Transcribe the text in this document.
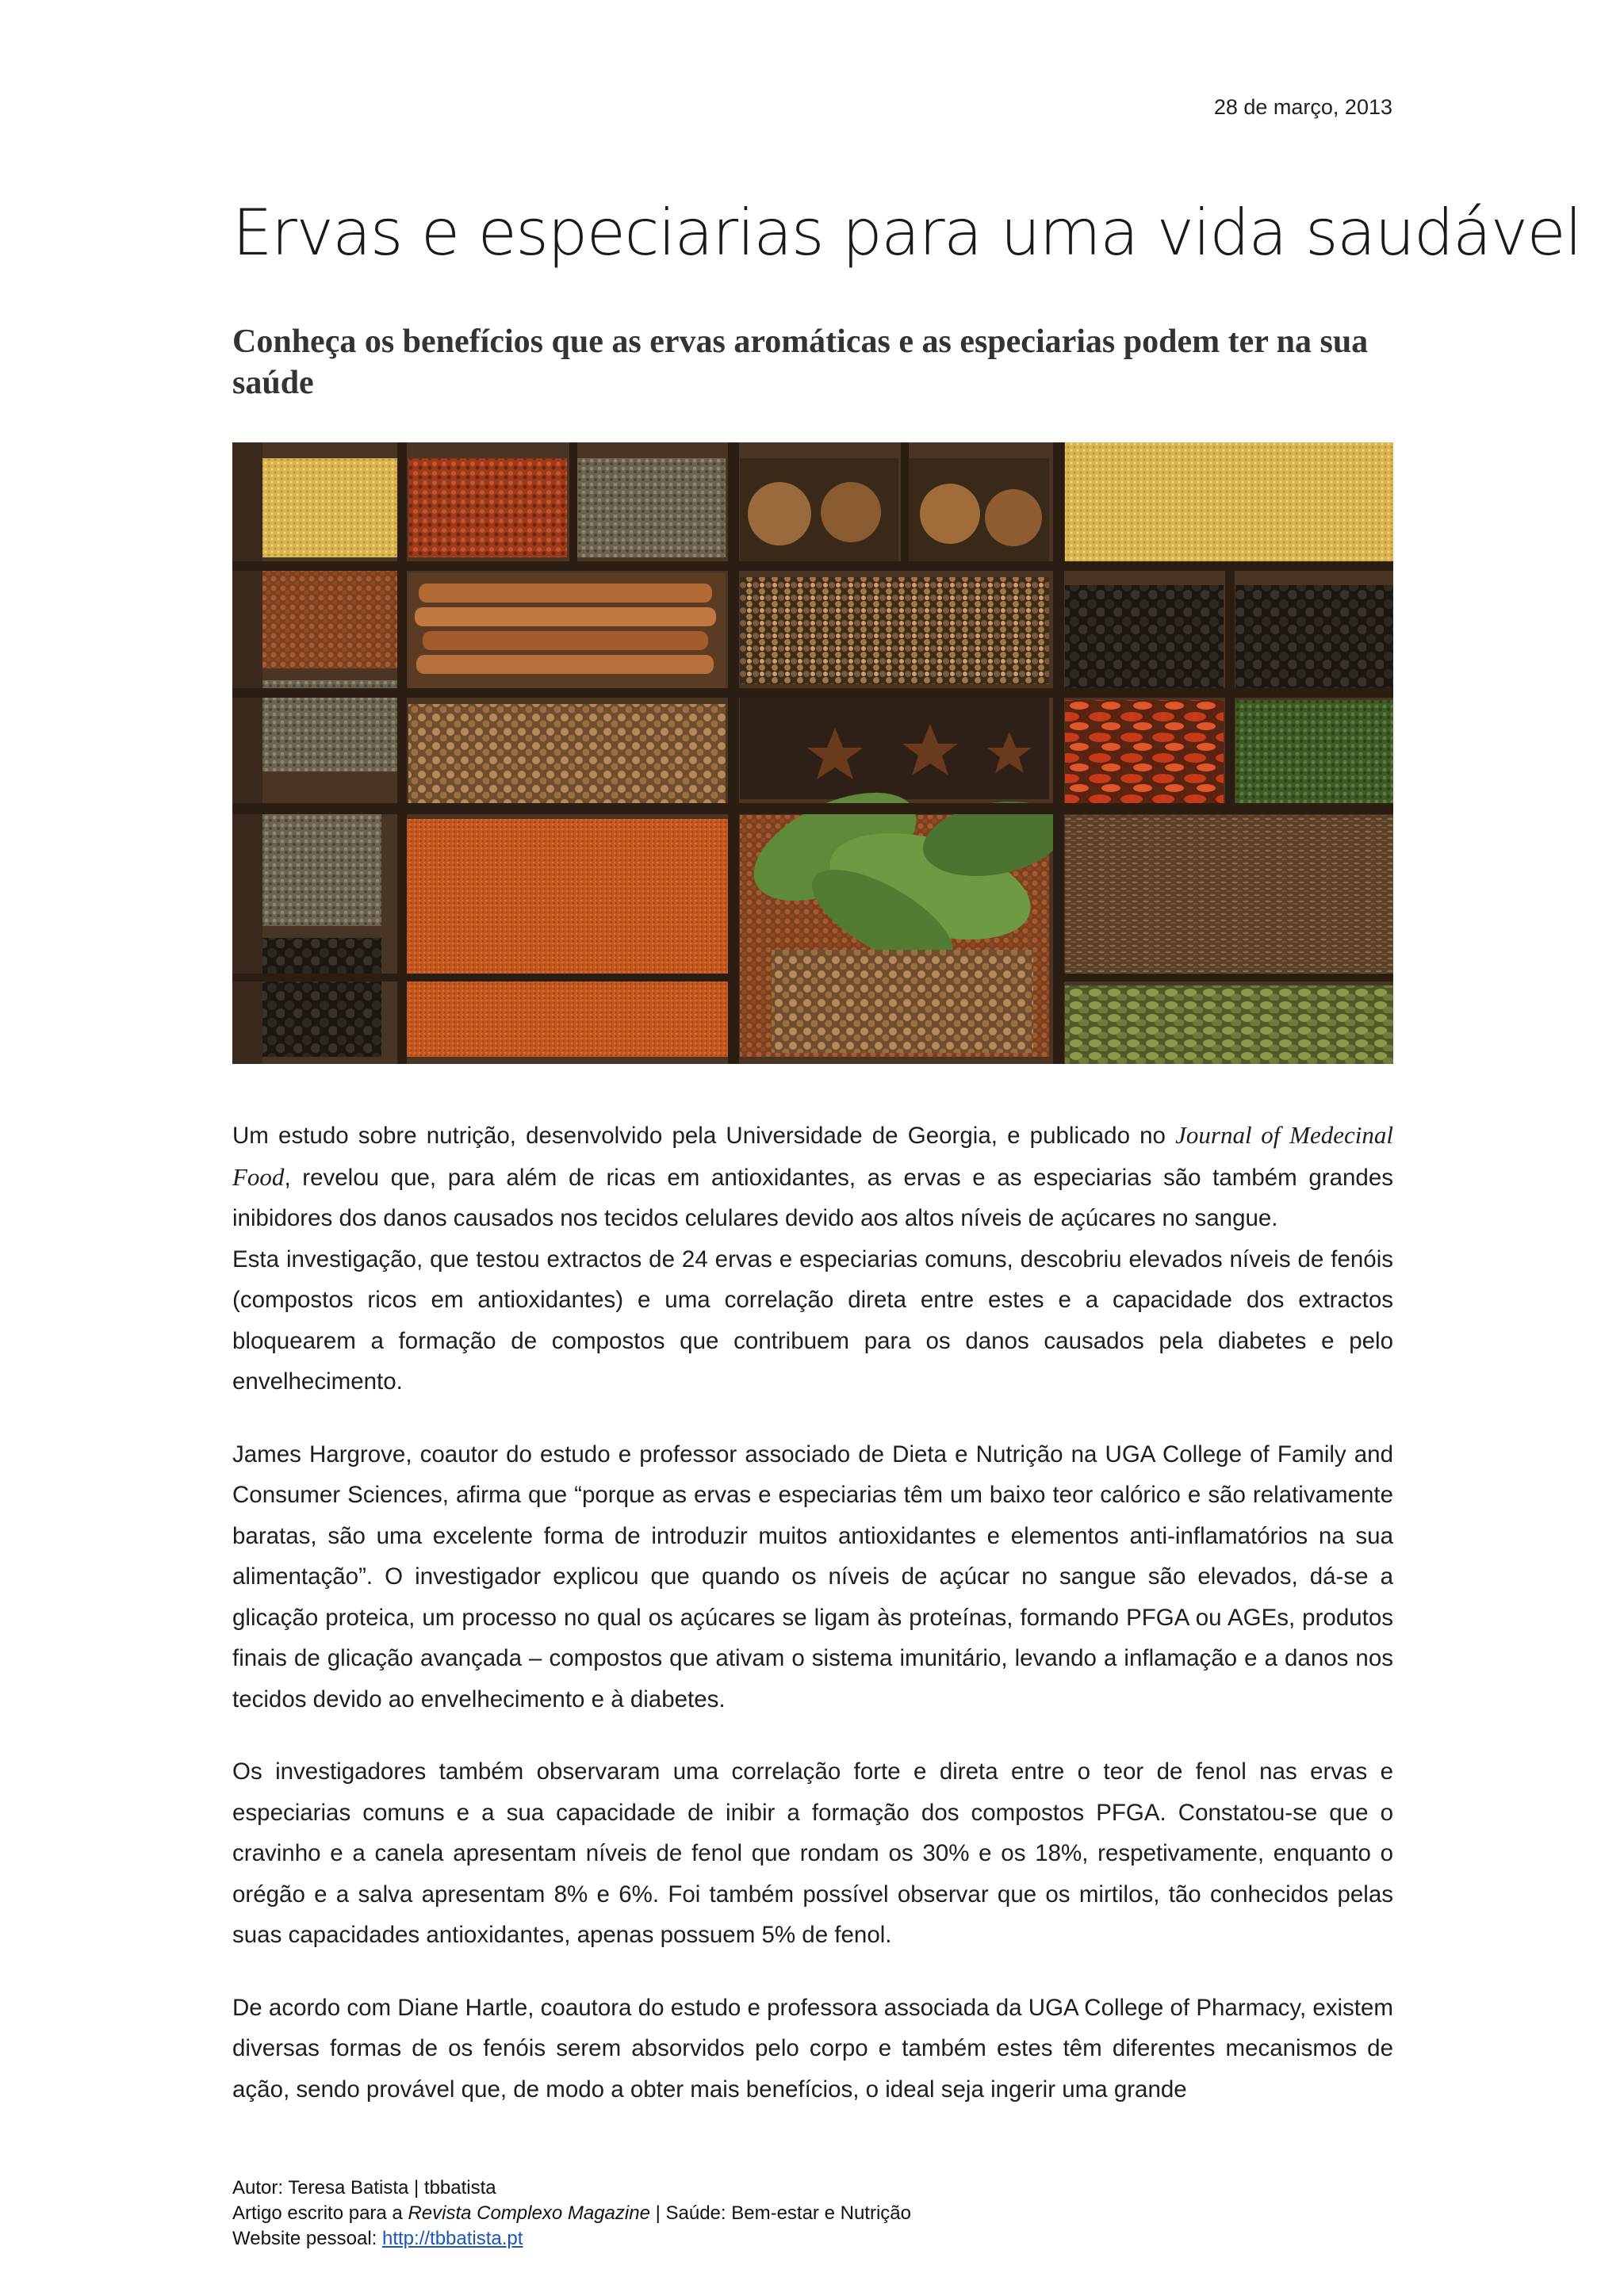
28 de março, 2013
Ervas e especiarias para uma vida saudável
Conheça os benefícios que as ervas aromáticas e as especiarias podem ter na sua saúde

Um estudo sobre nutrição, desenvolvido pela Universidade de Georgia, e publicado no Journal of Medecinal Food, revelou que, para além de ricas em antioxidantes, as ervas e as especiarias são também grandes inibidores dos danos causados nos tecidos celulares devido aos altos níveis de açúcares no sangue.

Esta investigação, que testou extractos de 24 ervas e especiarias comuns, descobriu elevados níveis de fenóis (compostos ricos em antioxidantes) e uma correlação direta entre estes e a capacidade dos extractos bloquearem a formação de compostos que contribuem para os danos causados pela diabetes e pelo envelhecimento.

James Hargrove, coautor do estudo e professor associado de Dieta e Nutrição na UGA College of Family and Consumer Sciences, afirma que “porque as ervas e especiarias têm um baixo teor calórico e são relativamente baratas, são uma excelente forma de introduzir muitos antioxidantes e elementos anti-inflamatórios na sua alimentação”. O investigador explicou que quando os níveis de açúcar no sangue são elevados, dá-se a glicação proteica, um processo no qual os açúcares se ligam às proteínas, formando PFGA ou AGEs, produtos finais de glicação avançada – compostos que ativam o sistema imunitário, levando a inflamação e a danos nos tecidos devido ao envelhecimento e à diabetes.

Os investigadores também observaram uma correlação forte e direta entre o teor de fenol nas ervas e especiarias comuns e a sua capacidade de inibir a formação dos compostos PFGA. Constatou-se que o cravinho e a canela apresentam níveis de fenol que rondam os 30% e os 18%, respetivamente, enquanto o orégão e a salva apresentam 8% e 6%. Foi também possível observar que os mirtilos, tão conhecidos pelas suas capacidades antioxidantes, apenas possuem 5% de fenol.

De acordo com Diane Hartle, coautora do estudo e professora associada da UGA College of Pharmacy, existem diversas formas de os fenóis serem absorvidos pelo corpo e também estes têm diferentes mecanismos de ação, sendo provável que, de modo a obter mais benefícios, o ideal seja ingerir uma grande

Autor: Teresa Batista | tbbatista
Artigo escrito para a Revista Complexo Magazine | Saúde: Bem-estar e Nutrição
Website pessoal: http://tbbatista.pt
